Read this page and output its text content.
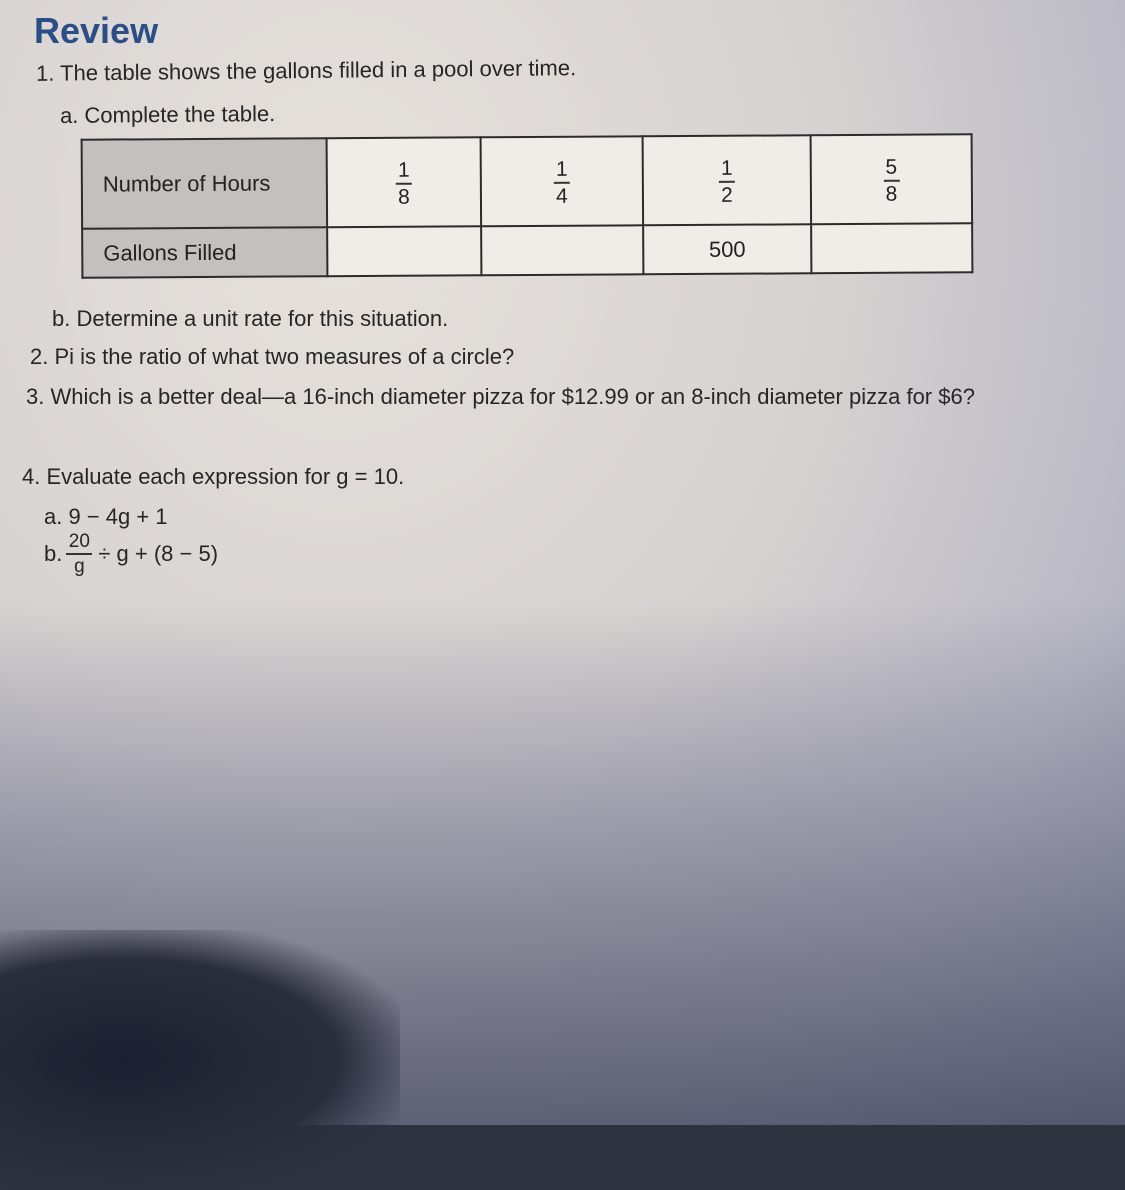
Review
1. The table shows the gallons filled in a pool over time.
a. Complete the table.
Number of Hours	$\frac{1}{8}$	$\frac{1}{4}$	$\frac{1}{2}$	$\frac{5}{8}$

Gallons Filled			500	
b. Determine a unit rate for this situation.
2. Pi is the ratio of what two measures of a circle?
3. Which is a better deal—a 16-inch diameter pizza for $12.99 or an 8-inch diameter pizza for $6?
4. Evaluate each expression for g = 10.
a. 9 − 4g + 1
b. $\frac{20}{g} \div g + (8 - 5)$
